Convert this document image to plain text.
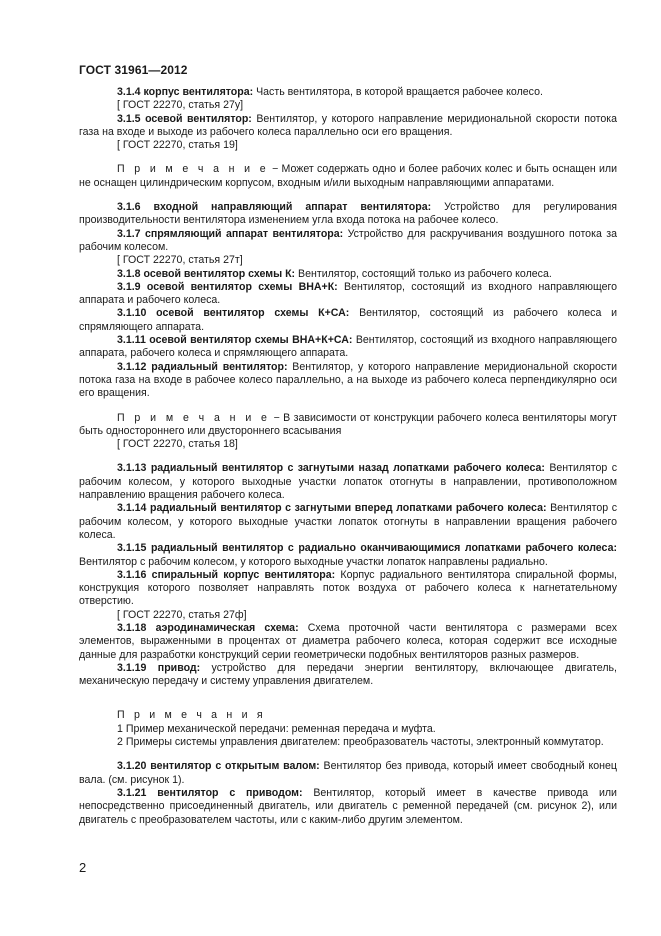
ГОСТ 31961—2012

3.1.4 корпус вентилятора: Часть вентилятора, в которой вращается рабочее колесо.

[ ГОСТ 22270, статья 27у]

3.1.5 осевой вентилятор: Вентилятор, у которого направление меридиональной скорости потока газа на входе и выходе из рабочего колеса параллельно оси его вращения.

[ ГОСТ 22270, статья 19]

П р и м е ч а н и е − Может содержать одно и более рабочих колес и быть оснащен или не оснащен цилиндрическим корпусом, входным и/или выходным направляющими аппаратами.

3.1.6 входной направляющий аппарат вентилятора: Устройство для регулирования производительности вентилятора изменением угла входа потока на рабочее колесо.

3.1.7 спрямляющий аппарат вентилятора: Устройство для раскручивания воздушного потока за рабочим колесом.

[ ГОСТ 22270, статья 27т]

3.1.8 осевой вентилятор схемы К: Вентилятор, состоящий только из рабочего колеса.

3.1.9 осевой вентилятор схемы ВНА+К: Вентилятор, состоящий из входного направляющего аппарата и рабочего колеса.

3.1.10 осевой вентилятор схемы К+СА: Вентилятор, состоящий из рабочего колеса и спрямляющего аппарата.

3.1.11 осевой вентилятор схемы ВНА+К+СА: Вентилятор, состоящий из входного направляющего аппарата, рабочего колеса и спрямляющего аппарата.

3.1.12 радиальный вентилятор: Вентилятор, у которого направление меридиональной скорости потока газа на входе в рабочее колесо параллельно, а на выходе из рабочего колеса перпендикулярно оси его вращения.

П р и м е ч а н и е − В зависимости от конструкции рабочего колеса вентиляторы могут быть одностороннего или двустороннего всасывания

[ ГОСТ 22270, статья 18]

3.1.13 радиальный вентилятор с загнутыми назад лопатками рабочего колеса: Вентилятор с рабочим колесом, у которого выходные участки лопаток отогнуты в направлении, противоположном направлению вращения рабочего колеса.

3.1.14 радиальный вентилятор с загнутыми вперед лопатками рабочего колеса: Вентилятор с рабочим колесом, у которого выходные участки лопаток отогнуты в направлении вращения рабочего колеса.

3.1.15 радиальный вентилятор с радиально оканчивающимися лопатками рабочего колеса: Вентилятор с рабочим колесом, у которого выходные участки лопаток направлены радиально.

3.1.16 спиральный корпус вентилятора: Корпус радиального вентилятора спиральной формы, конструкция которого позволяет направлять поток воздуха от рабочего колеса к нагнетательному отверстию.

[ ГОСТ 22270, статья 27ф]

3.1.18 аэродинамическая схема: Схема проточной части вентилятора с размерами всех элементов, выраженными в процентах от диаметра рабочего колеса, которая содержит все исходные данные для разработки конструкций серии геометрически подобных вентиляторов разных размеров.

3.1.19 привод: устройство для передачи энергии вентилятору, включающее двигатель, механическую передачу и систему управления двигателем.

П р и м е ч а н и я

1 Пример механической передачи: ременная передача и муфта.

2 Примеры системы управления двигателем: преобразователь частоты, электронный коммутатор.

3.1.20 вентилятор с открытым валом: Вентилятор без привода, который имеет свободный конец вала. (см. рисунок 1).

3.1.21 вентилятор с приводом: Вентилятор, который имеет в качестве привода или непосредственно присоединенный двигатель, или двигатель с ременной передачей (см. рисунок 2), или двигатель с преобразователем частоты, или с каким-либо другим элементом.

2
